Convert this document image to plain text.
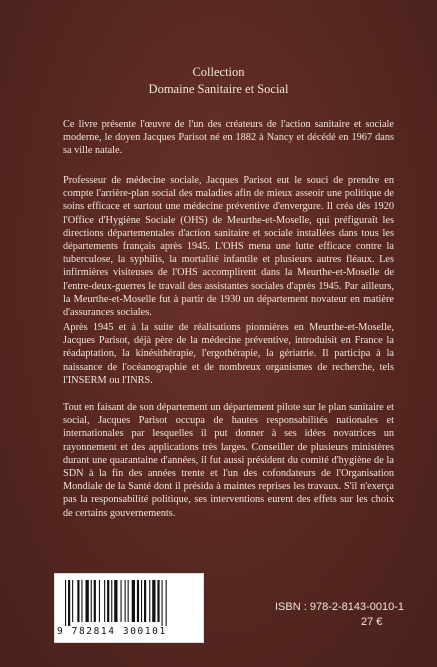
Collection
Domaine Sanitaire et Social

Ce livre présente l'œuvre de l'un des créateurs de l'action sanitaire et sociale moderne, le doyen Jacques Parisot né en 1882 à Nancy et décédé en 1967 dans sa ville natale.

Professeur de médecine sociale, Jacques Parisot eut le souci de prendre en compte l'arrière-plan social des maladies afin de mieux asseoir une politique de soins efficace et surtout une médecine préventive d'envergure. Il créa dès 1920 l'Office d'Hygiène Sociale (OHS) de Meurthe-et-Moselle, qui préfiguraît les directions départementales d'action sanitaire et sociale installées dans tous les départements français après 1945. L'OHS mena une lutte efficace contre la tuberculose, la syphilis, la mortalité infantile et plusieurs autres fléaux. Les infirmières visiteuses de l'OHS accomplirent dans la Meurthe-et-Moselle de l'entre-deux-guerres le travail des assistantes sociales d'après 1945. Par ailleurs, la Meurthe-et-Moselle fut à partir de 1930 un département novateur en matière d'assurances sociales.

Après 1945 et à la suite de réalisations pionnières en Meurthe-et-Moselle, Jacques Parisot, déjà père de la médecine préventive, introduisit en France la réadaptation, la kinésithérapie, l'ergothérapie, la gériatrie. Il participa à la naissance de l'océanographie et de nombreux organismes de recherche, tels l'INSERM ou l'INRS.

Tout en faisant de son département un département pilote sur le plan sanitaire et social, Jacques Parisot occupa de hautes responsabilités nationales et internationales par lesquelles il put donner à ses idées novatrices un rayonnement et des applications très larges. Conseiller de plusieurs ministères durant une quarantaine d'années, il fut aussi président du comité d'hygiène de la SDN à la fin des années trente et l'un des cofondateurs de l'Organisation Mondiale de la Santé dont il présida à maintes reprises les travaux. S'il n'exerça pas la responsabilité politique, ses interventions eurent des effets sur les choix de certains gouvernements.

9 782814 300101
ISBN : 978-2-8143-0010-1
27 €
